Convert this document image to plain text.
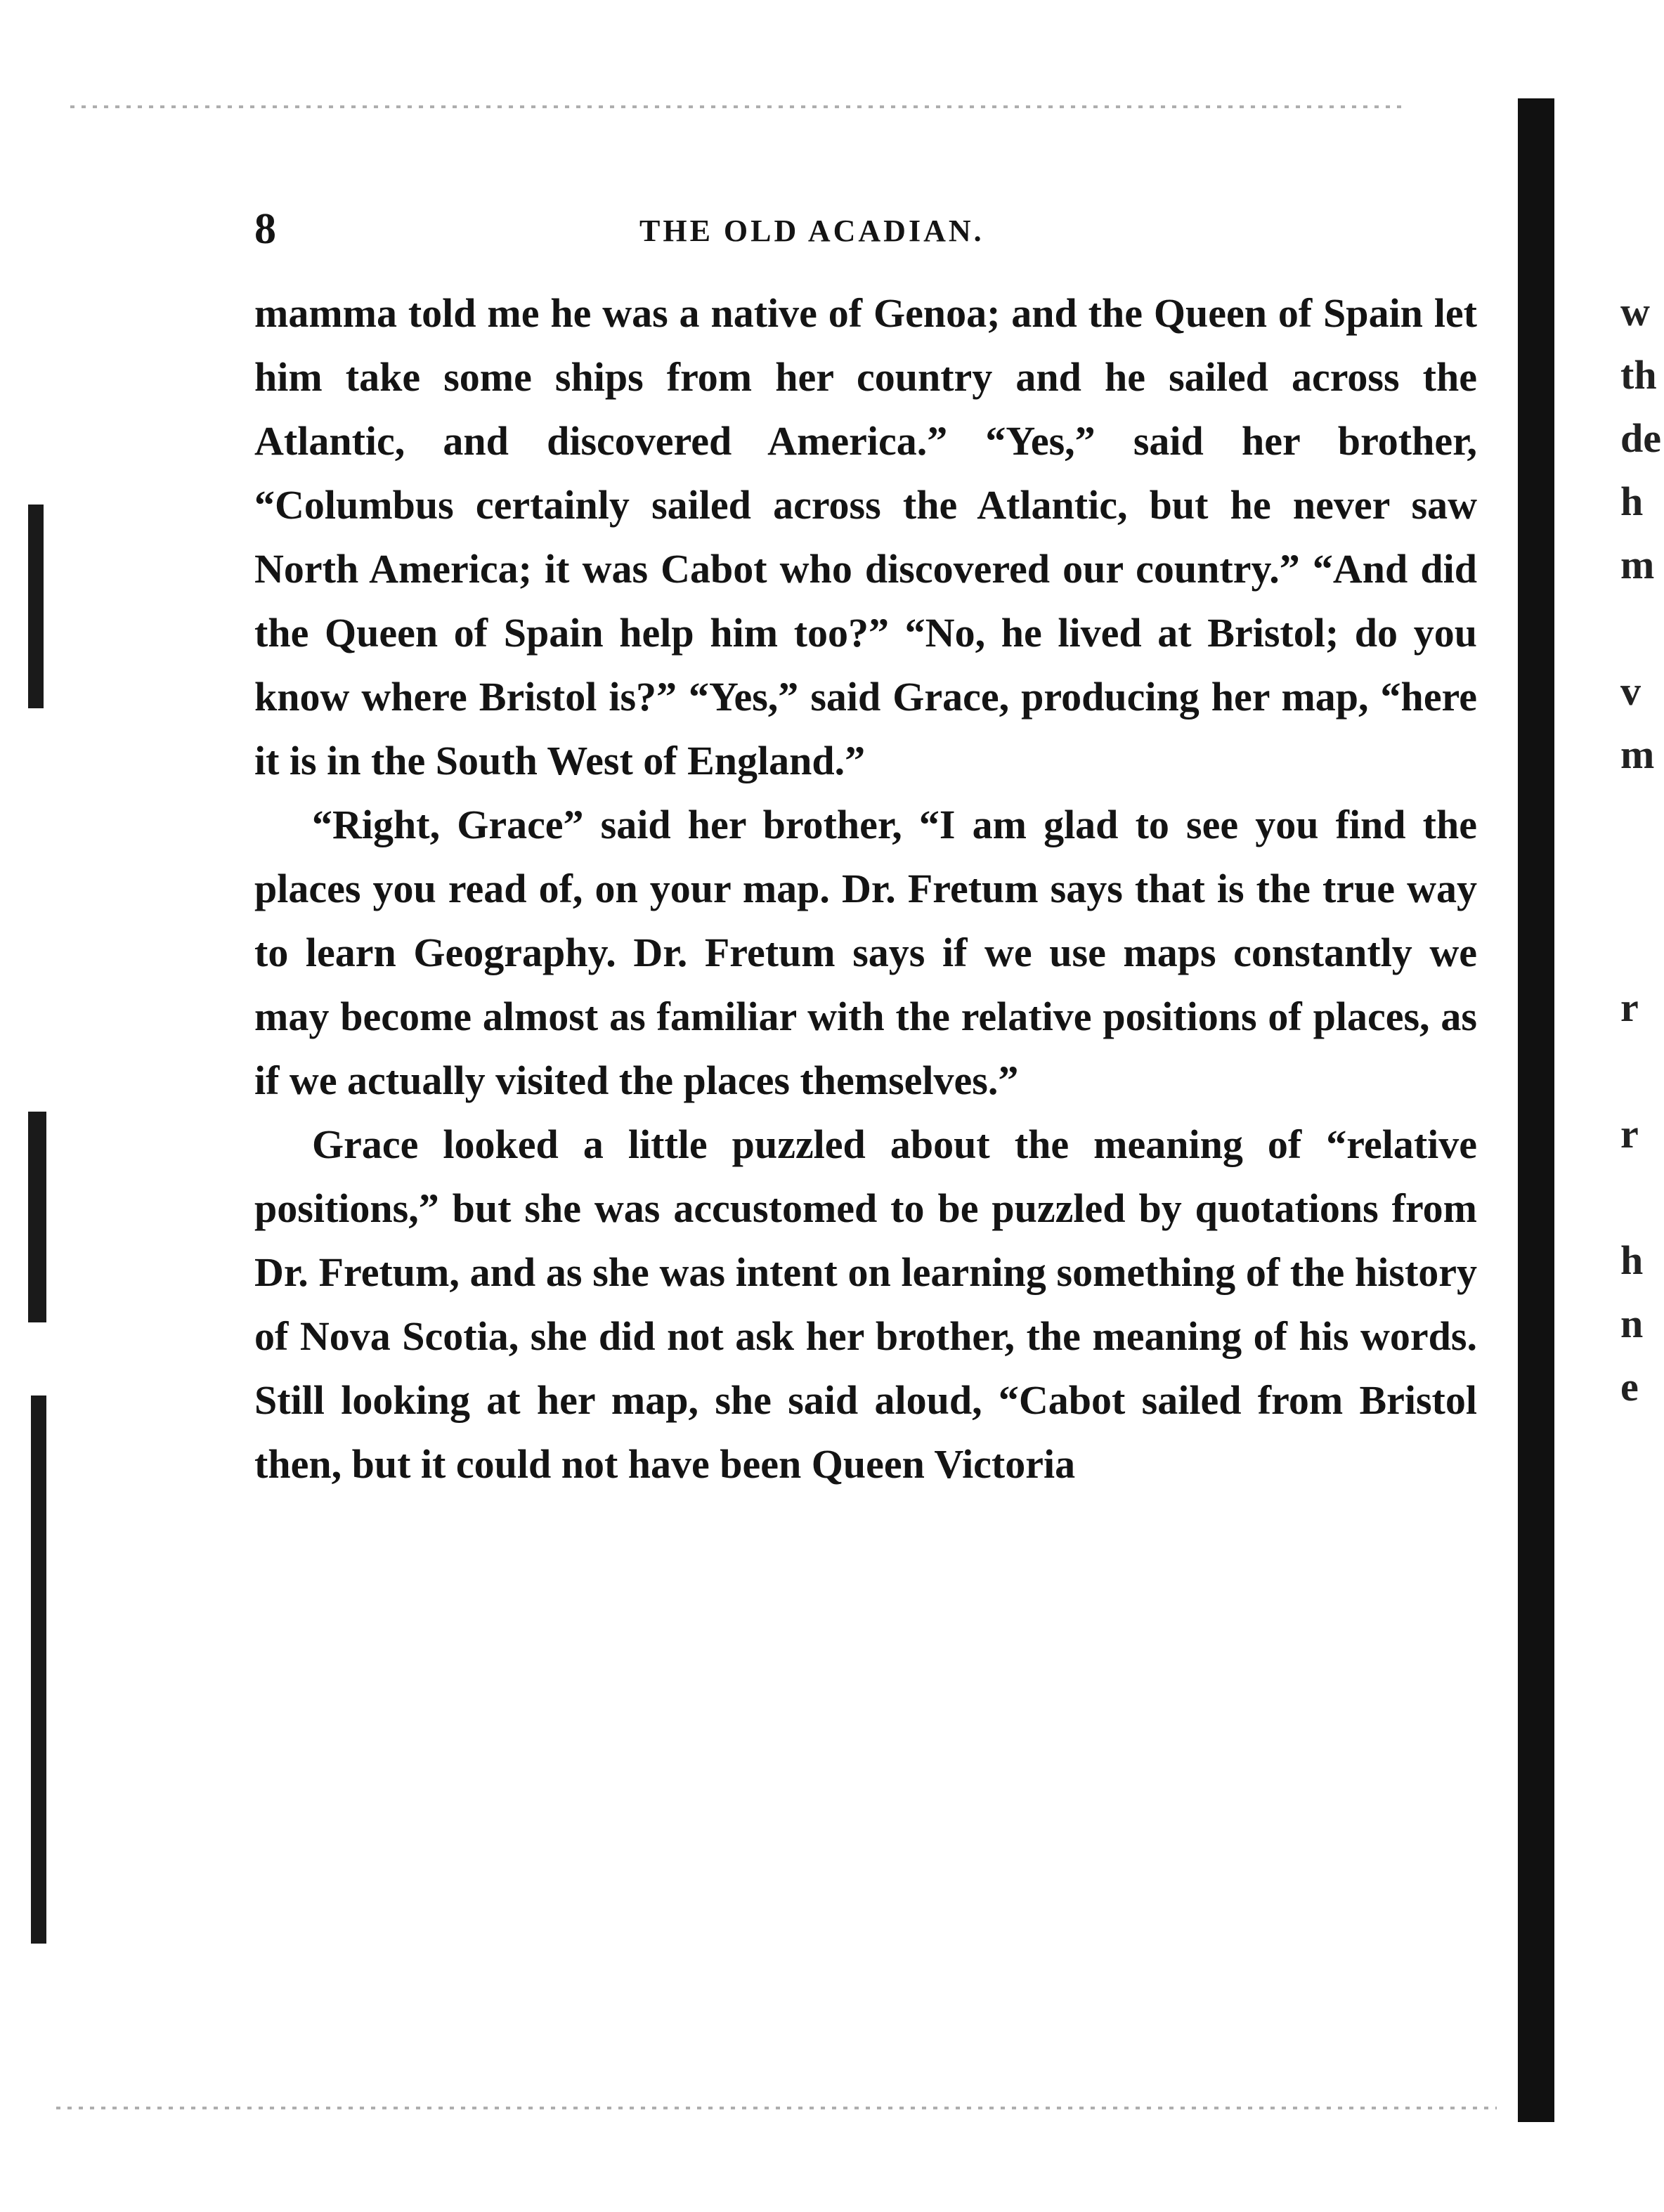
8	THE OLD ACADIAN.

mamma told me he was a native of Genoa; and the Queen of Spain let him take some ships from her country and he sailed across the Atlantic, and discovered America.” “Yes,” said her brother, “Columbus certainly sailed across the Atlantic, but he never saw North America; it was Cabot who discovered our country.” “And did the Queen of Spain help him too?” “No, he lived at Bristol; do you know where Bristol is?” “Yes,” said Grace, producing her map, “here it is in the South West of England.”

“Right, Grace” said her brother, “I am glad to see you find the places you read of, on your map. Dr. Fretum says that is the true way to learn Geography. Dr. Fretum says if we use maps constantly we may become almost as familiar with the relative positions of places, as if we actually visited the places themselves.”

Grace looked a little puzzled about the meaning of “relative positions,” but she was accustomed to be puzzled by quotations from Dr. Fretum, and as she was intent on learning something of the history of Nova Scotia, she did not ask her brother, the meaning of his words. Still looking at her map, she said aloud, “Cabot sailed from Bristol then, but it could not have been Queen Victoria

w
th
de
h
m
v
m
r
r
h
n
e
